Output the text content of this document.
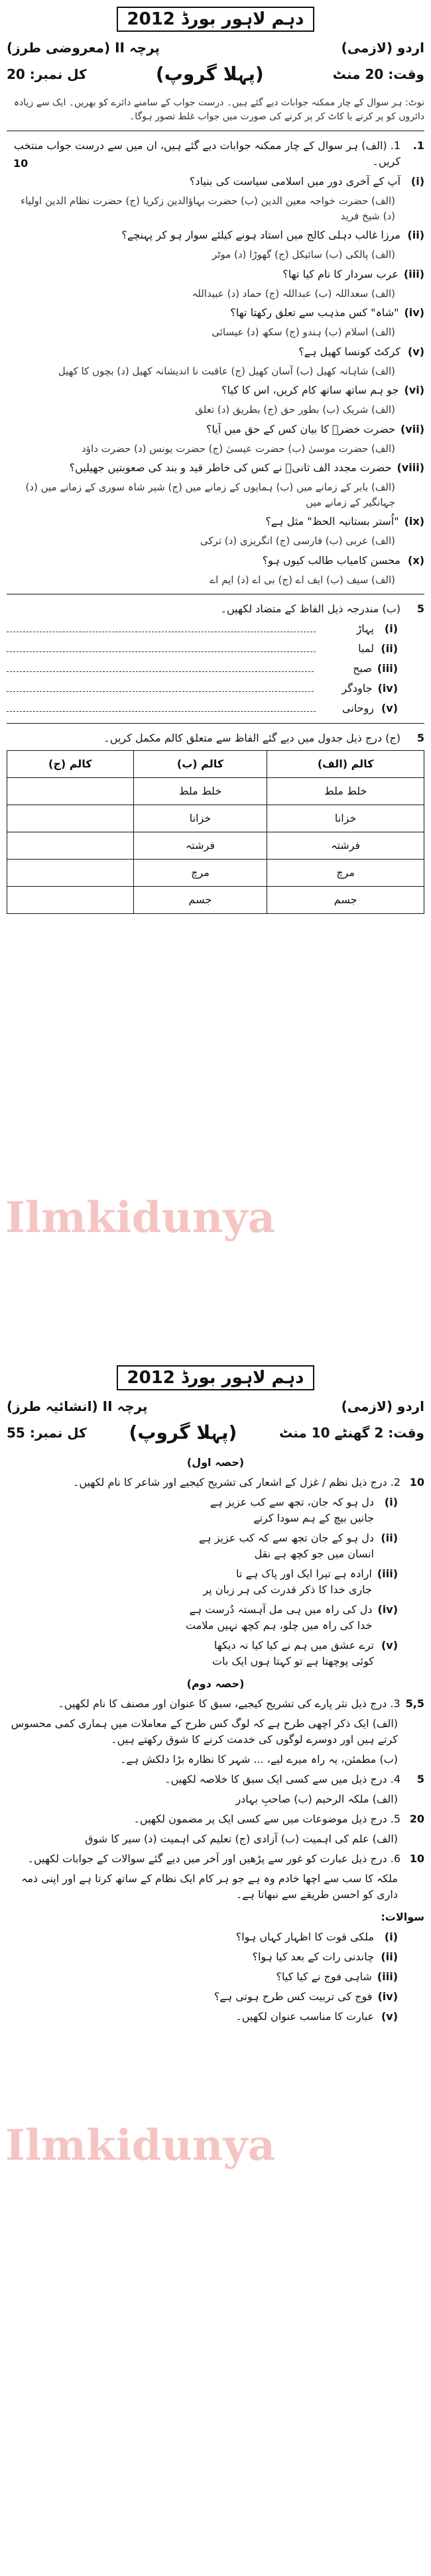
دہم لاہور بورڈ 2012
اردو (لازمی)
پرچہ II (معروضی طرز)
وقت: 20 منٹ
(پہلا گروپ)
کل نمبر: 20
نوٹ: ہر سوال کے چار ممکنہ جوابات دیے گئے ہیں۔ درست جواب کے سامنے دائرے کو بھریں۔ ایک سے زیادہ دائروں کو پر کرنے یا کاٹ کر پر کرنے کی صورت میں جواب غلط تصور ہوگا۔
1.
1. (الف) ہر سوال کے چار ممکنہ جوابات دیے گئے ہیں، ان میں سے درست جواب منتخب کریں۔
10
(i)
آپ کے آخری دور میں اسلامی سیاست کی بنیاد؟
(الف) حضرت خواجہ معین الدین (ب) حضرت بہاؤالدین زکریا (ج) حضرت نظام الدین اولیاء (د) شیخ فرید
(ii)
مرزا غالب دہلی کالج میں استاد ہونے کیلئے سوار ہو کر پہنچے؟
(الف) پالکی (ب) سائیکل (ج) گھوڑا (د) موٹر
(iii)
عرب سردار کا نام کیا تھا؟
(الف) سعداللہ (ب) عبداللہ (ج) حماد (د) عبیداللہ
(iv)
"شاہ" کس مذہب سے تعلق رکھتا تھا؟
(الف) اسلام (ب) ہندو (ج) سکھ (د) عیسائی
(v)
کرکٹ کونسا کھیل ہے؟
(الف) شاہانہ کھیل (ب) آسان کھیل (ج) عاقبت نا اندیشانہ کھیل (د) بچوں کا کھیل
(vi)
جو ہم ساتھ ساتھ کام کریں، اس کا کیا؟
(الف) شریک (ب) بطور حق (ج) بطریق (د) تعلق
(vii)
حضرت خضرؑ کا بیان کس کے حق میں آیا؟
(الف) حضرت موسیٰ (ب) حضرت عیسیٰ (ج) حضرت یونس (د) حضرت داؤد
(viii)
حضرت مجدد الف ثانیؒ نے کس کی خاطر قید و بند کی صعوبتیں جھیلیں؟
(الف) بابر کے زمانے میں (ب) ہمایوں کے زمانے میں (ج) شیر شاہ سوری کے زمانے میں (د) جہانگیر کے زمانے میں
(ix)
"اُستر بستانیہ الحظ" مثل ہے؟
(الف) عربی (ب) فارسی (ج) انگریزی (د) ترکی
(x)
محسن کامیاب طالب کیوں ہو؟
(الف) سیف (ب) ایف اے (ج) بی اے (د) ایم اے
5
(ب) مندرجہ ذیل الفاظ کے متضاد لکھیں۔
(i)
پہاڑ
(ii)
لمبا
(iii)
صبح
(iv)
جاودگر
(v)
روحانی
5
(ج) درج ذیل جدول میں دیے گئے الفاظ سے متعلق کالم مکمل کریں۔
کالم (الف)	کالم (ب)	کالم (ج)
خلط ملط	خلط ملط	
خزانا	خزانا	
فرشتہ	فرشتہ	
مرچ	مرچ	
جسم	جسم	
Ilmkidunya
دہم لاہور بورڈ 2012
اردو (لازمی)
پرچہ II (انشائیہ طرز)
وقت: 2 گھنٹے 10 منٹ
(پہلا گروپ)
کل نمبر: 55
(حصہ اول)
10
2. درج ذیل نظم / غزل کے اشعار کی تشریح کیجیے اور شاعر کا نام لکھیں۔
(i)
دل ہو کہ جان، تجھ سے کب عزیز ہے
جانیں بیچ کے ہم سودا کرتے
(ii)
دل ہو کے جان تجھ سے کہ کب عزیز ہے
انسان میں جو کچھ ہے نقل
(iii)
ارادہ ہے تیرا ایک اور پاک ہے تا
جاری خدا کا ذکر قدرت کی ہر زبان پر
(iv)
دل کی راہ میں ہی مل آہستہ دُرست ہے
خدا کی راہ میں چلو، ہم کچھ نہیں ملامت
(v)
ترے عشق میں ہم نے کیا کیا نہ دیکھا
کوئی پوچھتا ہے تو کہتا ہوں ایک بات
(حصہ دوم)
5,5
3. درج ذیل نثر پارے کی تشریح کیجیے، سبق کا عنوان اور مصنف کا نام لکھیں۔
(الف) ایک ذکر اچھی طرح ہے کہ لوگ کس طرح کے معاملات میں ہماری کمی محسوس کرتے ہیں اور دوسرے لوگوں کی خدمت کرنے کا شوق رکھتے ہیں۔
(ب) مطمئن، یہ راہ میرے لیے، ... شہر کا نظارہ بڑا دلکش ہے۔
5
4. درج ذیل میں سے کسی ایک سبق کا خلاصہ لکھیں۔
(الف) ملکہ الرحیم (ب) صاحبِ بہادر
20
5. درج ذیل موضوعات میں سے کسی ایک پر مضمون لکھیں۔
(الف) علم کی اہمیت (ب) آزادی (ج) تعلیم کی اہمیت (د) سیر کا شوق
10
6. درج ذیل عبارت کو غور سے پڑھیں اور آخر میں دیے گئے سوالات کے جوابات لکھیں۔
ملکہ کا سب سے اچھا خادم وہ ہے جو ہر کام ایک نظام کے ساتھ کرتا ہے اور اپنی ذمہ داری کو احسن طریقے سے نبھاتا ہے۔
سوالات:
(i)
ملکی قوت کا اظہار کہاں ہوا؟
(ii)
چاندنی رات کے بعد کیا ہوا؟
(iii)
شاہی فوج نے کیا کیا؟
(iv)
فوج کی تربیت کس طرح ہوتی ہے؟
(v)
عبارت کا مناسب عنوان لکھیں۔
Ilmkidunya
